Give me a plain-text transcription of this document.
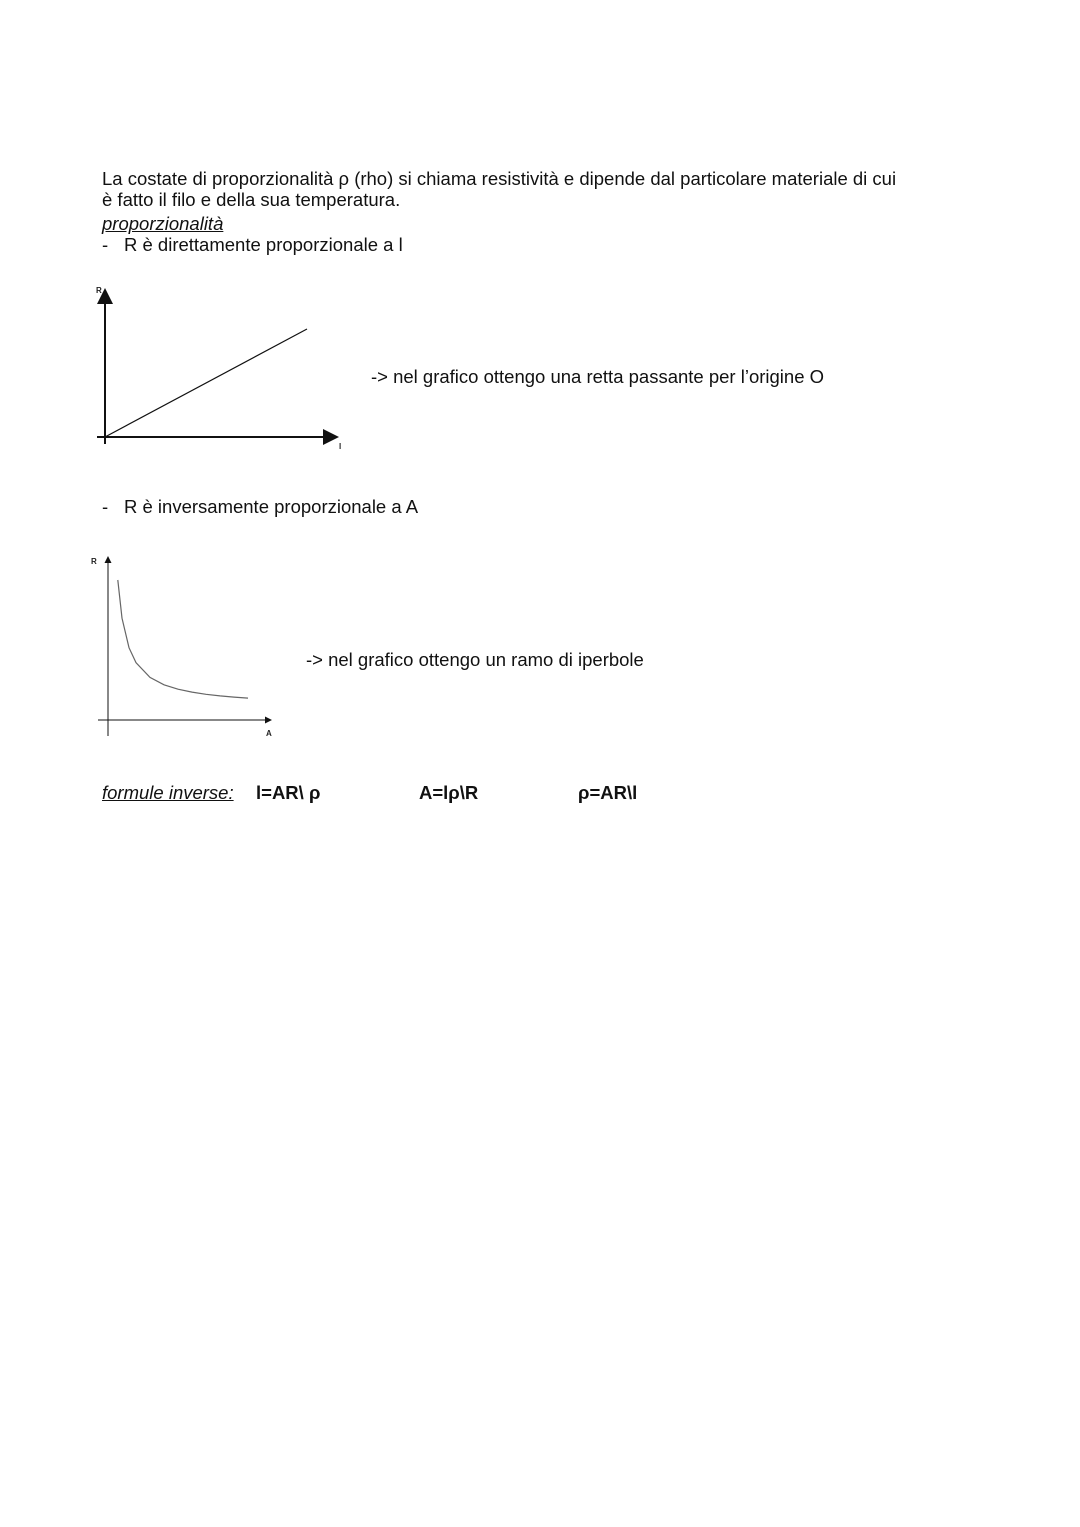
La costate di proporzionalità ρ (rho) si chiama resistività e dipende dal particolare materiale di cui
è fatto il filo e della sua temperatura.

proporzionalità

- R è direttamente proporzionale a l

R
l

-> nel grafico ottengo una retta passante per l’origine O

- R è inversamente proporzionale a A

R
A

-> nel grafico ottengo un ramo di iperbole

formule inverse: l=AR\ ρ	A=lρ\R	ρ=AR\l
